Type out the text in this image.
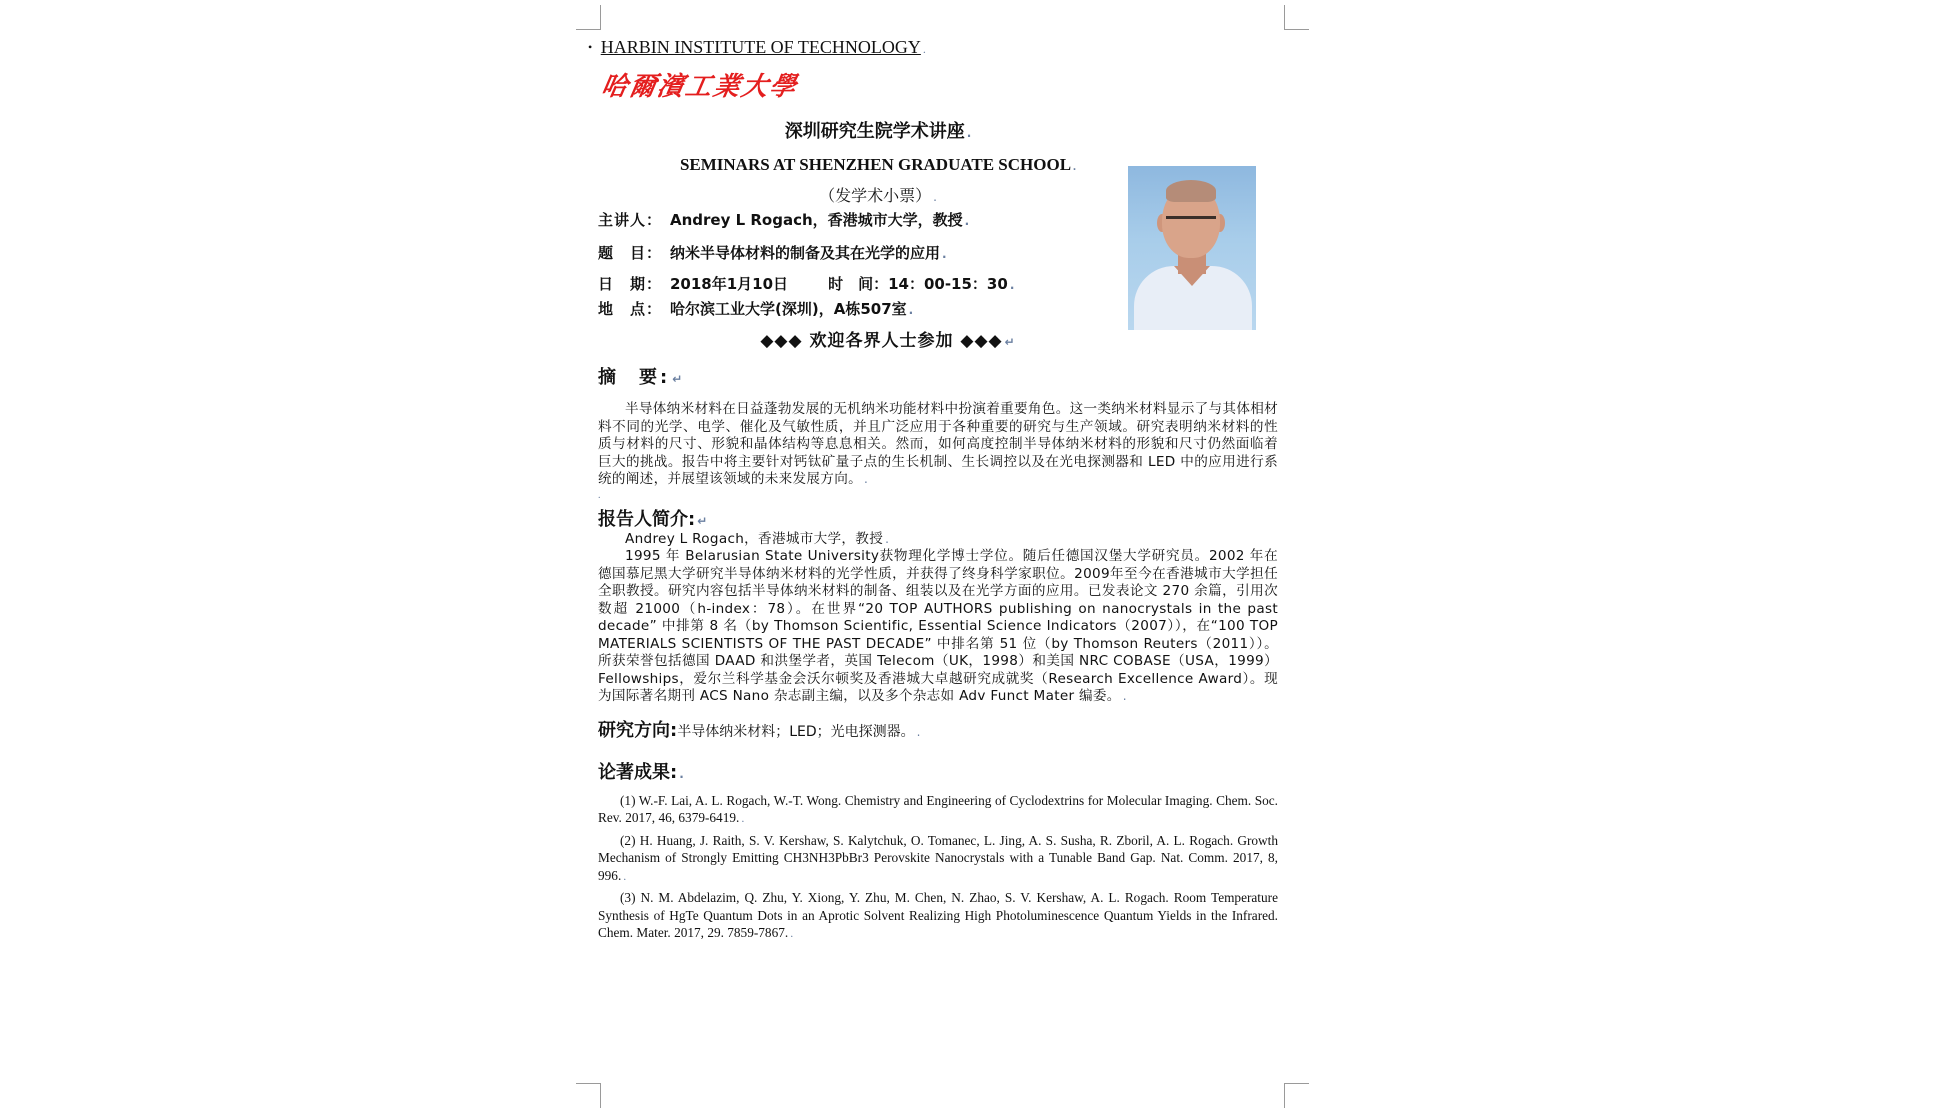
• HARBIN INSTITUTE OF TECHNOLOGY .
哈爾濱工業大學
深圳研究生院学术讲座 .
SEMINARS AT SHENZHEN GRADUATE SCHOOL .
（发学术小票） .
主讲人： Andrey L Rogach，香港城市大学，教授 .
题　目： 纳米半导体材料的制备及其在光学的应用 .
日　期： 2018年1月10日	时　间：14：00-15：30 .
地　点： 哈尔滨工业大学(深圳)，A栋507室 .
◆◆◆ 欢迎各界人士参加 ◆◆◆ ↵
摘 要: ↵
半导体纳米材料在日益蓬勃发展的无机纳米功能材料中扮演着重要角色。这一类纳米材料显示了与其体相材料不同的光学、电学、催化及气敏性质，并且广泛应用于各种重要的研究与生产领域。研究表明纳米材料的性质与材料的尺寸、形貌和晶体结构等息息相关。然而，如何高度控制半导体纳米材料的形貌和尺寸仍然面临着巨大的挑战。报告中将主要针对钙钛矿量子点的生长机制、生长调控以及在光电探测器和 LED 中的应用进行系统的阐述，并展望该领域的未来发展方向。 .
.
报告人简介: ↵
Andrey L Rogach，香港城市大学，教授 .
1995 年 Belarusian State University获物理化学博士学位。随后任德国汉堡大学研究员。2002 年在德国慕尼黑大学研究半导体纳米材料的光学性质，并获得了终身科学家职位。2009年至今在香港城市大学担任全职教授。研究内容包括半导体纳米材料的制备、组装以及在光学方面的应用。已发表论文 270 余篇，引用次数超 21000（h-index：78）。在世界“20 TOP AUTHORS publishing on nanocrystals in the past decade” 中排第 8 名（by Thomson Scientific, Essential Science Indicators（2007）），在“100 TOP MATERIALS SCIENTISTS OF THE PAST DECADE” 中排名第 51 位（by Thomson Reuters（2011））。所获荣誉包括德国 DAAD 和洪堡学者，英国 Telecom（UK，1998）和美国 NRC COBASE（USA，1999）Fellowships，爱尔兰科学基金会沃尔顿奖及香港城大卓越研究成就奖（Research Excellence Award）。现为国际著名期刊 ACS Nano 杂志副主编，以及多个杂志如 Adv Funct Mater 编委。 .
研究方向:半导体纳米材料；LED；光电探测器。 .
论著成果: .
(1) W.-F. Lai, A. L. Rogach, W.-T. Wong. Chemistry and Engineering of Cyclodextrins for Molecular Imaging. Chem. Soc. Rev. 2017, 46, 6379-6419. .
(2) H. Huang, J. Raith, S. V. Kershaw, S. Kalytchuk, O. Tomanec, L. Jing, A. S. Susha, R. Zboril, A. L. Rogach. Growth Mechanism of Strongly Emitting CH3NH3PbBr3 Perovskite Nanocrystals with a Tunable Band Gap. Nat. Comm. 2017, 8, 996. .
(3) N. M. Abdelazim, Q. Zhu, Y. Xiong, Y. Zhu, M. Chen, N. Zhao, S. V. Kershaw, A. L. Rogach. Room Temperature Synthesis of HgTe Quantum Dots in an Aprotic Solvent Realizing High Photoluminescence Quantum Yields in the Infrared. Chem. Mater. 2017, 29. 7859-7867. .
